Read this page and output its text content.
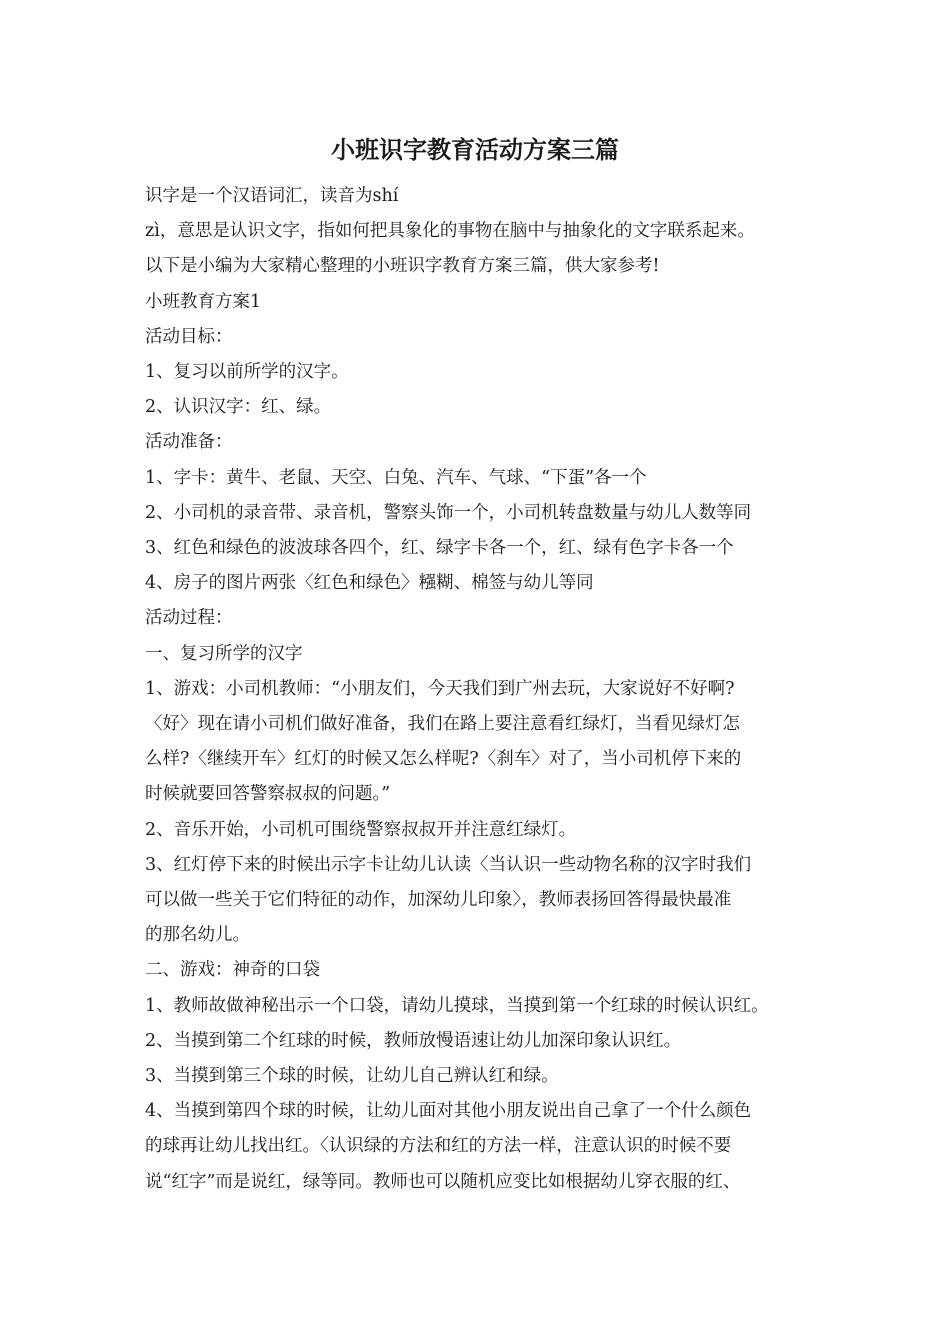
小班识字教育活动方案三篇
识字是一个汉语词汇，读音为shí
zì，意思是认识文字，指如何把具象化的事物在脑中与抽象化的文字联系起来。
以下是小编为大家精心整理的小班识字教育方案三篇，供大家参考!
小班教育方案1
活动目标：
1、复习以前所学的汉字。
2、认识汉字：红、绿。
活动准备：
1、字卡：黄牛、老鼠、天空、白兔、汽车、气球、“下蛋”各一个
2、小司机的录音带、录音机，警察头饰一个，小司机转盘数量与幼儿人数等同
3、红色和绿色的波波球各四个，红、绿字卡各一个，红、绿有色字卡各一个
4、房子的图片两张〈红色和绿色〉糨糊、棉签与幼儿等同
活动过程：
一、复习所学的汉字
1、游戏：小司机教师：“小朋友们，今天我们到广州去玩，大家说好不好啊?
〈好〉现在请小司机们做好准备，我们在路上要注意看红绿灯，当看见绿灯怎
么样?〈继续开车〉红灯的时候又怎么样呢?〈刹车〉对了，当小司机停下来的
时候就要回答警察叔叔的问题。”
2、音乐开始，小司机可围绕警察叔叔开并注意红绿灯。
3、红灯停下来的时候出示字卡让幼儿认读〈当认识一些动物名称的汉字时我们
可以做一些关于它们特征的动作，加深幼儿印象〉，教师表扬回答得最快最准
的那名幼儿。
二、游戏：神奇的口袋
1、教师故做神秘出示一个口袋，请幼儿摸球，当摸到第一个红球的时候认识红。
2、当摸到第二个红球的时候，教师放慢语速让幼儿加深印象认识红。
3、当摸到第三个球的时候，让幼儿自己辨认红和绿。
4、当摸到第四个球的时候，让幼儿面对其他小朋友说出自己拿了一个什么颜色
的球再让幼儿找出红。〈认识绿的方法和红的方法一样，注意认识的时候不要
说“红字”而是说红，绿等同。教师也可以随机应变比如根据幼儿穿衣服的红、
